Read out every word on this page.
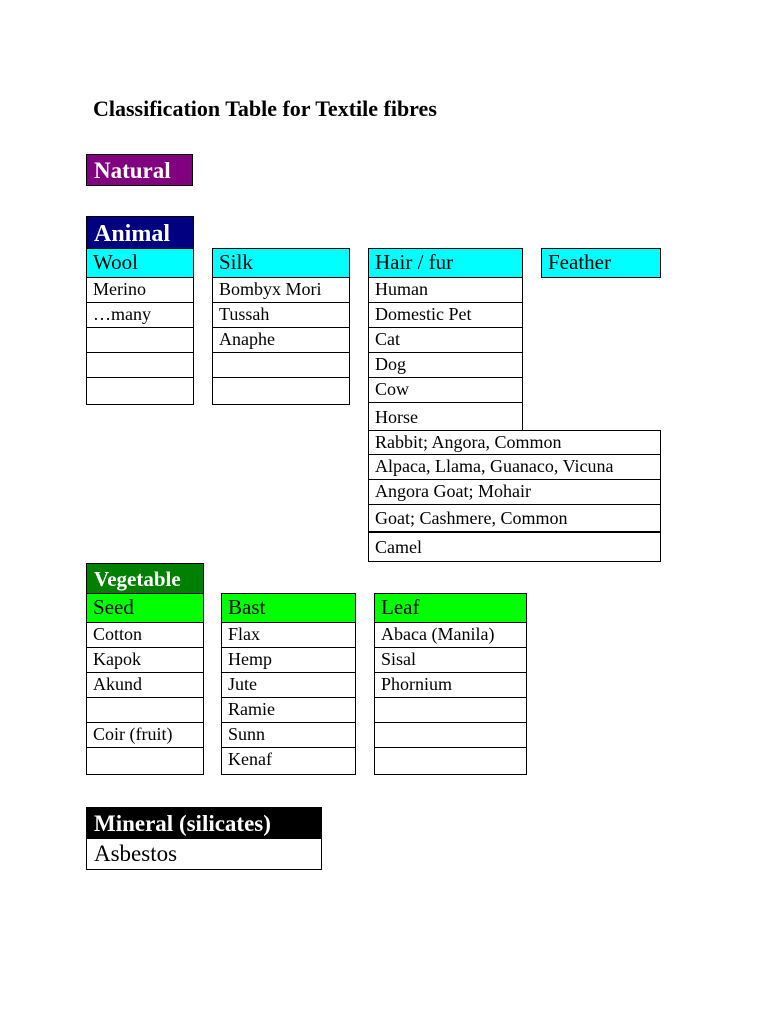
Classification Table for Textile fibres
Natural
Animal
Wool
Merino
…many
Silk
Bombyx Mori
Tussah
Anaphe
Hair / fur
Human
Domestic Pet
Cat
Dog
Cow
Horse
Rabbit; Angora, Common
Alpaca, Llama, Guanaco, Vicuna
Angora Goat; Mohair
Goat; Cashmere, Common
Camel
Feather
Vegetable
Seed
Cotton
Kapok
Akund
Coir (fruit)
Bast
Flax
Hemp
Jute
Ramie
Sunn
Kenaf
Leaf
Abaca (Manila)
Sisal
Phornium
Mineral (silicates)
Asbestos
